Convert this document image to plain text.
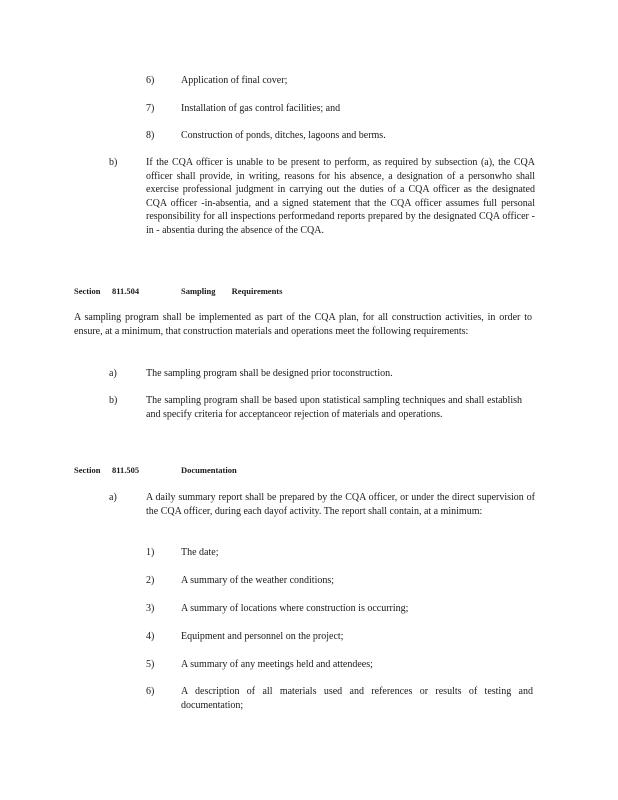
6)	Application of final cover;
7)	Installation of gas control facilities; and
8)	Construction of ponds, ditches, lagoons and berms.
b)	If the CQA officer is unable to be present to perform, as required by subsection (a), the CQA officer shall provide, in writing, reasons for his absence, a designation of a personwho shall exercise professional judgment in carrying out the duties of a CQA officer as the designated CQA officer -in-absentia, and a signed statement that the CQA officer assumes full personal responsibility for all inspections performedand reports prepared by the designated CQA officer - in - absentia during the absence of the CQA.
Section 811.504	Sampling Requirements
A sampling program shall be implemented as part of the CQA plan, for all construction activities, in order to ensure, at a minimum, that construction materials and operations meet the following requirements:
a)	The sampling program shall be designed prior toconstruction.
b)	The sampling program shall be based upon statistical sampling techniques and shall establish and specify criteria for acceptanceor rejection of materials and operations.
Section 811.505	Documentation
a)	A daily summary report shall be prepared by the CQA officer, or under the direct supervision of the CQA officer, during each dayof activity. The report shall contain, at a minimum:
1)	The date;
2)	A summary of the weather conditions;
3)	A summary of locations where construction is occurring;
4)	Equipment and personnel on the project;
5)	A summary of any meetings held and attendees;
6)	A description of all materials used and references or results of testing and documentation;
